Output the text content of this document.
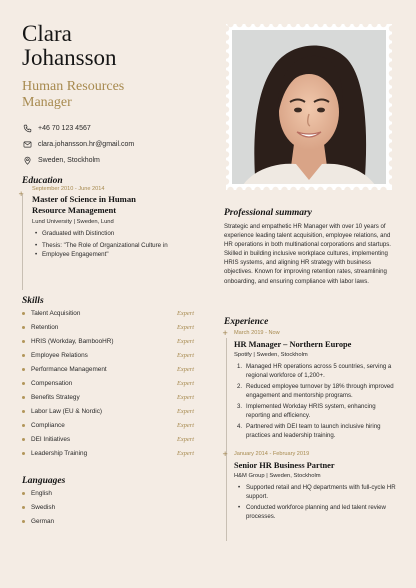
Clara
Johansson
Human Resources
Manager
+46 70 123 4567
clara.johansson.hr@gmail.com
Sweden, Stockholm
Education
+ September 2010 - June 2014
Master of Science in Human
Resource Management
Lund University | Sweden, Lund
• Graduated with Distinction
• Thesis: "The Role of Organizational Culture in
• Employee Engagement"
Skills
Talent Acquisition	Expert
Retention	Expert
HRIS (Workday, BambooHR)	Expert
Employee Relations	Expert
Performance Management	Expert
Compensation	Expert
Benefits Strategy	Expert
Labor Law (EU & Nordic)	Expert
Compliance	Expert
DEI Initiatives	Expert
Leadership Training	Expert
Languages
English
Swedish
German
Professional summary
Strategic and empathetic HR Manager with over 10 years of experience leading talent acquisition, employee relations, and HR operations in both multinational corporations and startups. Skilled in building inclusive workplace cultures, implementing HRIS systems, and aligning HR strategy with business objectives. Known for improving retention rates, streamlining onboarding, and ensuring compliance with labor laws.
Experience
+ March 2019 - Now
HR Manager – Northern Europe
Spotify | Sweden, Stockholm
1. Managed HR operations across 5 countries, serving a regional workforce of 1,200+.
2. Reduced employee turnover by 18% through improved engagement and mentorship programs.
3. Implemented Workday HRIS system, enhancing reporting and efficiency.
4. Partnered with DEI team to launch inclusive hiring practices and leadership training.
+ January 2014 - February 2019
Senior HR Business Partner
H&M Group | Sweden, Stockholm
• Supported retail and HQ departments with full-cycle HR support.
• Conducted workforce planning and led talent review processes.
